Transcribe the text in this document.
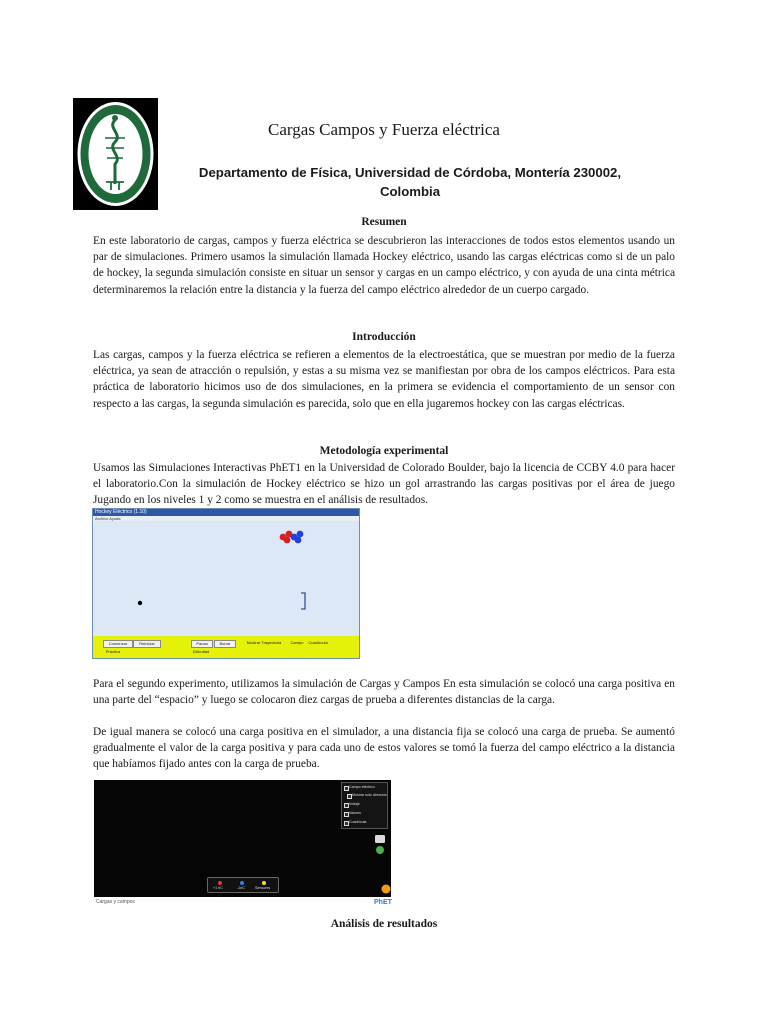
Cargas Campos y Fuerza eléctrica
Departamento de Física, Universidad de Córdoba, Montería 230002,
Colombia
Resumen
En este laboratorio de cargas, campos y fuerza eléctrica se descubrieron las interacciones de todos estos elementos usando un par de simulaciones. Primero usamos la simulación llamada Hockey eléctrico, usando las cargas eléctricas como si de un palo de hockey, la segunda simulación consiste en situar un sensor y cargas en un campo eléctrico, y con ayuda de una cinta métrica determinaremos la relación entre la distancia y la fuerza del campo eléctrico alrededor de un cuerpo cargado.
Introducción
Las cargas, campos y la fuerza eléctrica se refieren a elementos de la electroestática, que se muestran por medio de la fuerza eléctrica, ya sean de atracción o repulsión, y estas a su misma vez se manifiestan por obra de los campos eléctricos. Para esta práctica de laboratorio hicimos uso de dos simulaciones, en la primera se evidencia el comportamiento de un sensor con respecto a las cargas, la segunda simulación es parecida, solo que en ella jugaremos hockey con las cargas eléctricas.
Metodología experimental
Usamos las Simulaciones Interactivas PhET1 en la Universidad de Colorado Boulder, bajo la licencia de CCBY 4.0 para hacer el laboratorio.Con la simulación de Hockey eléctrico se hizo un gol arrastrando las cargas positivas por el área de juego Jugando en los niveles 1 y 2 como se muestra en el análisis de resultados.
Hockey Eléctrico (1.10)
Archivo Ayuda
Comenzar	Reiniciar	Pausa	Borrar	Mostrar Trayectoria	Campo	Cuadrícula
Práctica	Dificultad
Para el segundo experimento, utilizamos la simulación de Cargas y Campos En esta simulación se colocó una carga positiva en una parte del “espacio” y luego se colocaron diez cargas de prueba a diferentes distancias de la carga.
De igual manera se colocó una carga positiva en el simulador, a una distancia fija se colocó una carga de prueba. Se aumentó gradualmente el valor de la carga positiva y para cada uno de estos valores se tomó la fuerza del campo eléctrico a la distancia que habíamos fijado antes con la carga de prueba.
Campo eléctrico
Mostrar solo dirección
Voltaje
Valores
Cuadrícula
+1 nC	-1nC	Sensores
Cargas y campos	PhET
Análisis de resultados
